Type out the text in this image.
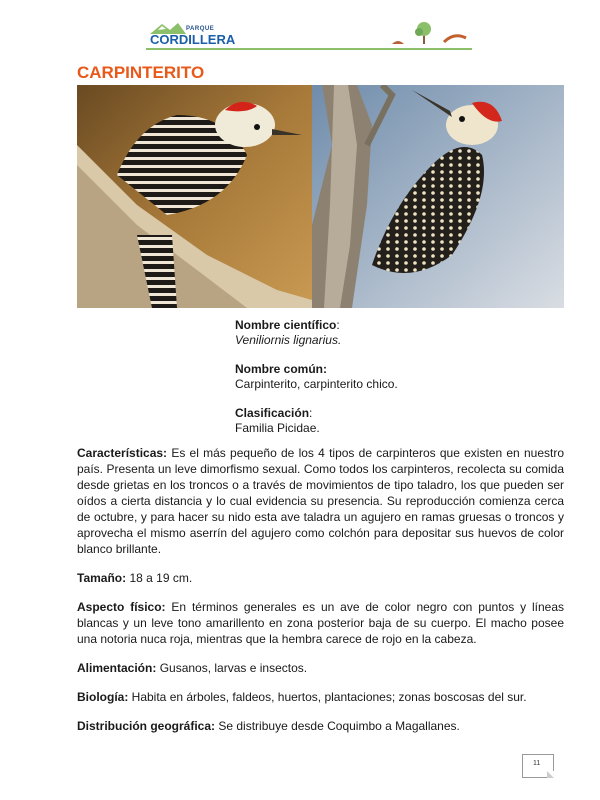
PARQUE
CORDILLERA
CARPINTERITO
Nombre científico:
Veniliornis lignarius.
Nombre común:
Carpinterito, carpinterito chico.
Clasificación:
Familia Picidae.

Características: Es el más pequeño de los 4 tipos de carpinteros que existen en nuestro país. Presenta un leve dimorfismo sexual. Como todos los carpinteros, recolecta su comida desde grietas en los troncos o a través de movimientos de tipo taladro, los que pueden ser oídos a cierta distancia y lo cual evidencia su presencia. Su reproducción comienza cerca de octubre, y para hacer su nido esta ave taladra un agujero en ramas gruesas o troncos y aprovecha el mismo aserrín del agujero como colchón para depositar sus huevos de color blanco brillante.

Tamaño: 18 a 19 cm.

Aspecto físico: En términos generales es un ave de color negro con puntos y líneas blancas y un leve tono amarillento en zona posterior baja de su cuerpo. El macho posee una notoria nuca roja, mientras que la hembra carece de rojo en la cabeza.

Alimentación: Gusanos, larvas e insectos.

Biología: Habita en árboles, faldeos, huertos, plantaciones; zonas boscosas del sur.

Distribución geográfica: Se distribuye desde Coquimbo a Magallanes.

11
